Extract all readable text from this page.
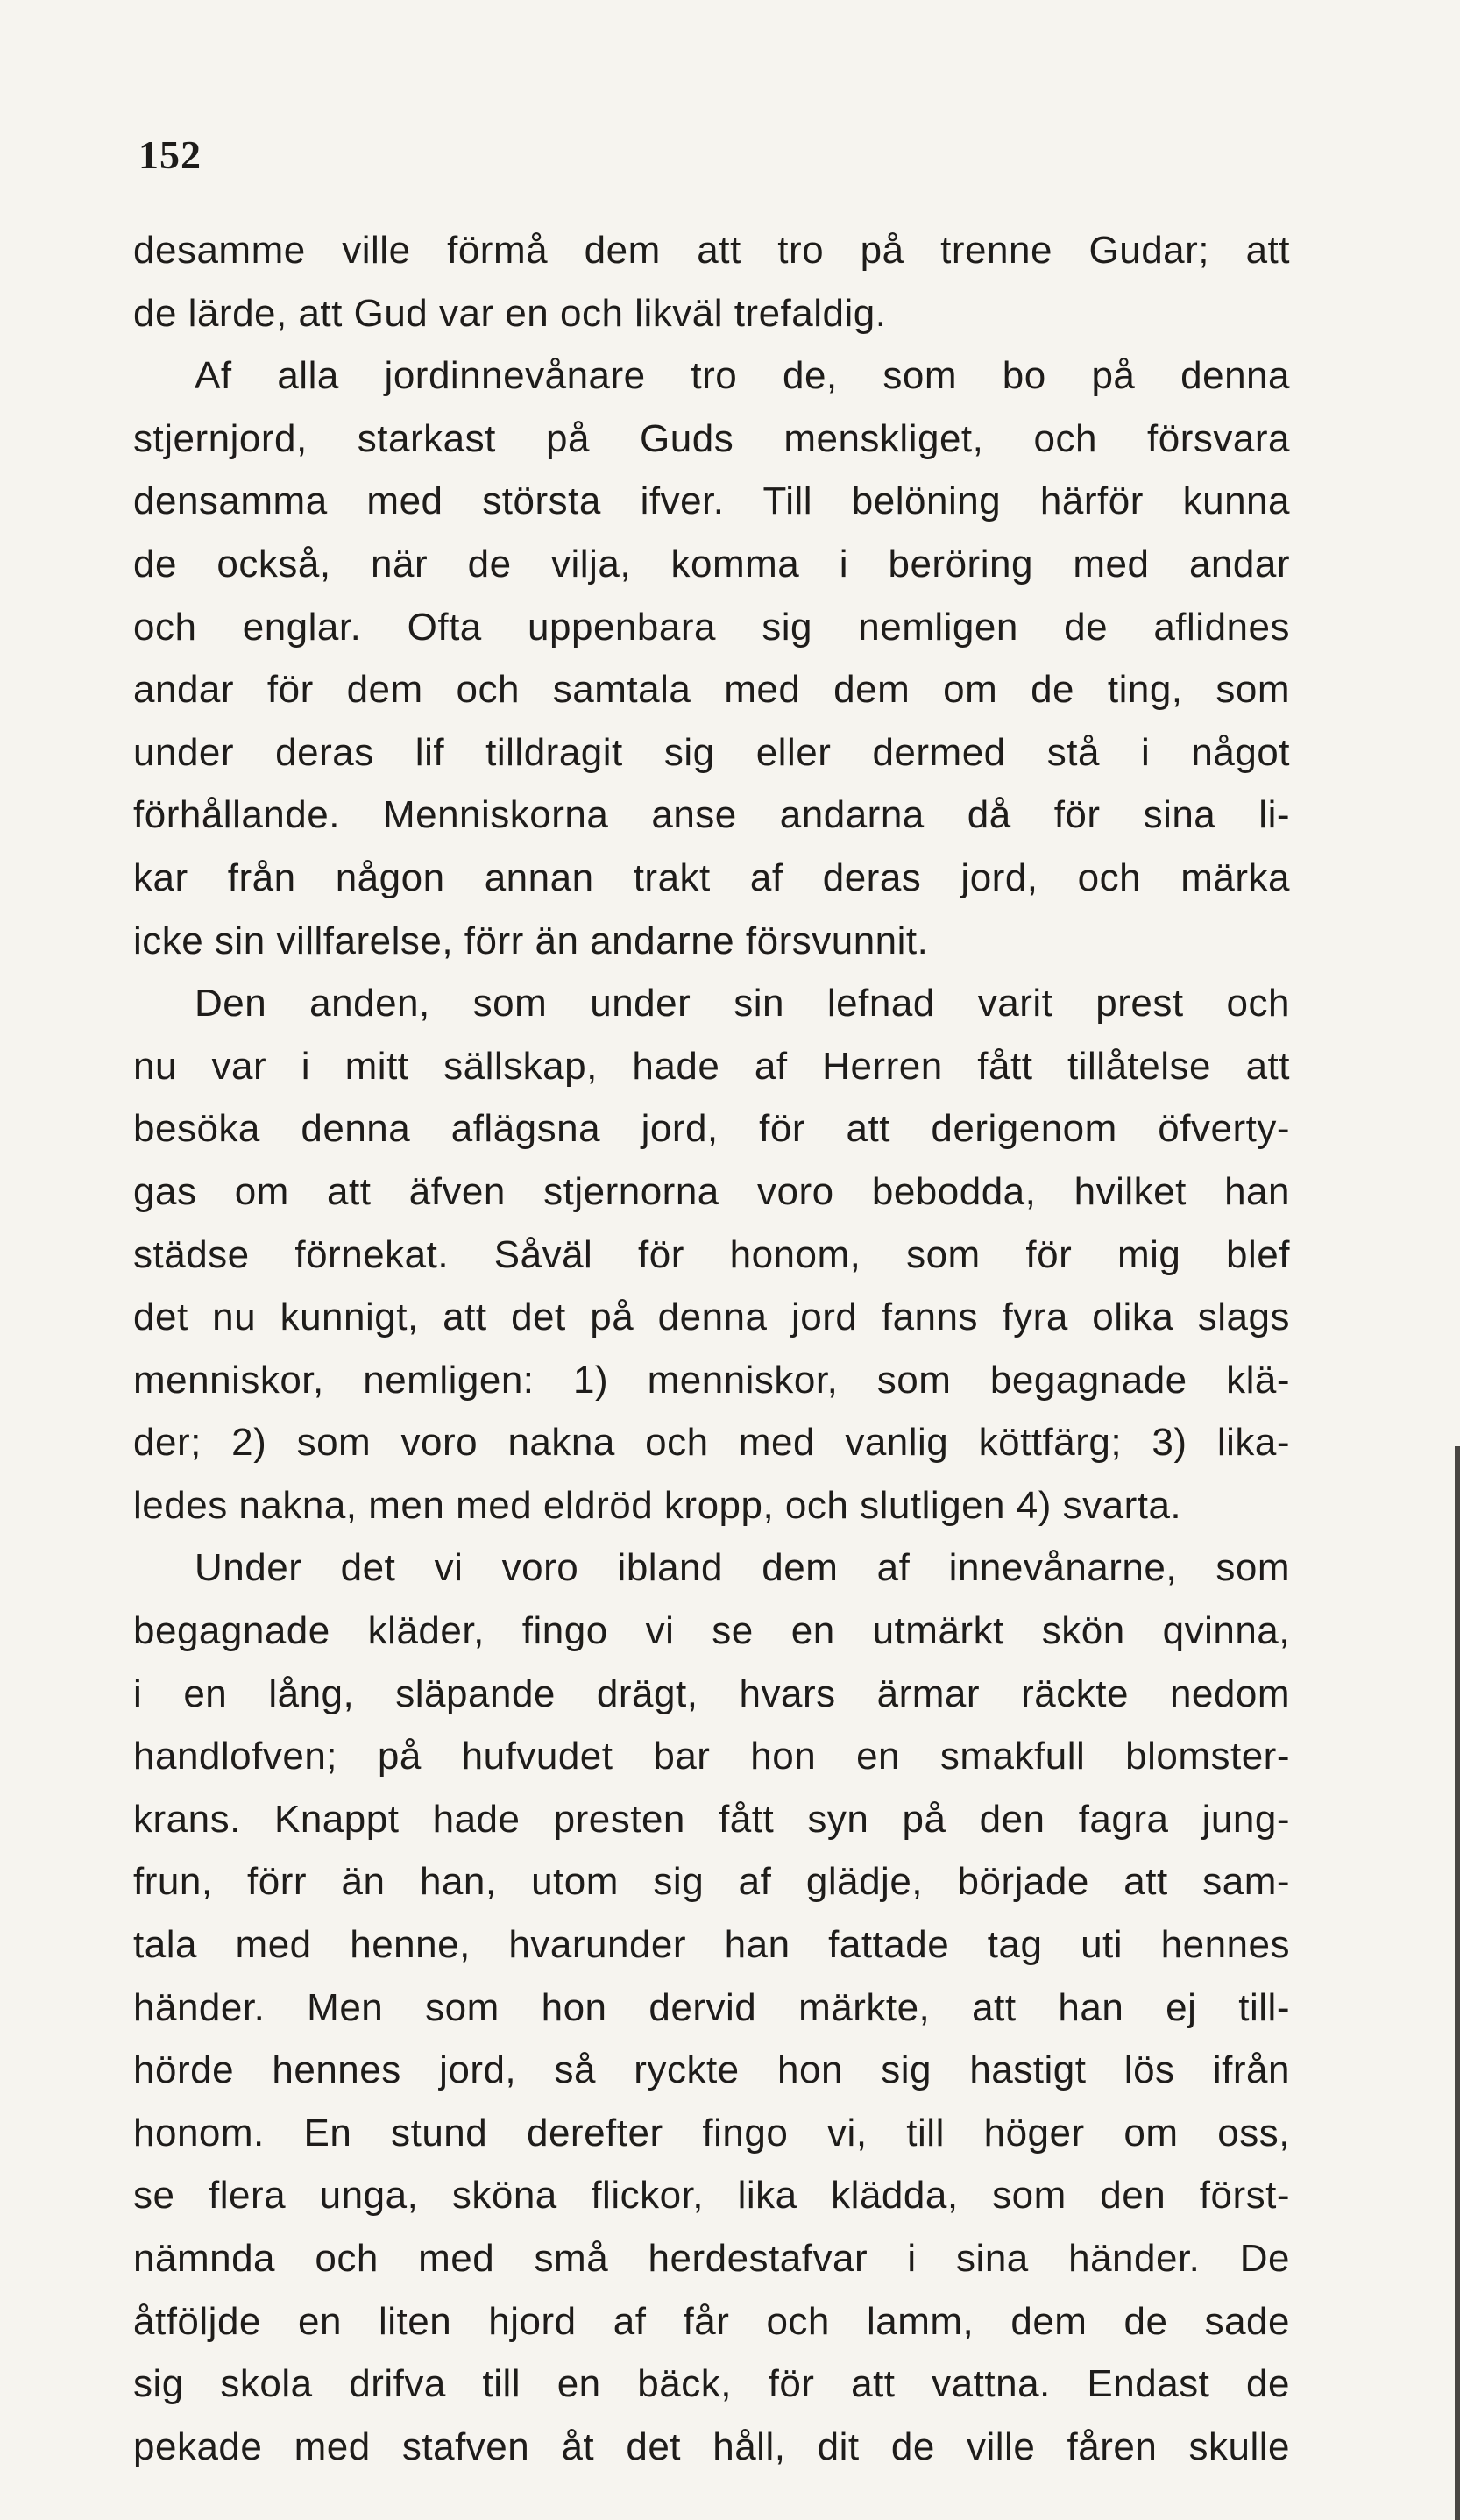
152
desamme ville förmå dem att tro på trenne Gudar; att
de lärde, att Gud var en och likväl trefaldig.
Af alla jordinnevånare tro de, som bo på denna
stjernjord, starkast på Guds menskliget, och försvara
densamma med största ifver. Till belöning härför kunna
de också, när de vilja, komma i beröring med andar
och englar. Ofta uppenbara sig nemligen de aflidnes
andar för dem och samtala med dem om de ting, som
under deras lif tilldragit sig eller dermed stå i något
förhållande. Menniskorna anse andarna då för sina li-
kar från någon annan trakt af deras jord, och märka
icke sin villfarelse, förr än andarne försvunnit.
Den anden, som under sin lefnad varit prest och
nu var i mitt sällskap, hade af Herren fått tillåtelse att
besöka denna aflägsna jord, för att derigenom öfverty-
gas om att äfven stjernorna voro bebodda, hvilket han
städse förnekat. Såväl för honom, som för mig blef
det nu kunnigt, att det på denna jord fanns fyra olika slags
menniskor, nemligen: 1) menniskor, som begagnade klä-
der; 2) som voro nakna och med vanlig köttfärg; 3) lika-
ledes nakna, men med eldröd kropp, och slutligen 4) svarta.
Under det vi voro ibland dem af innevånarne, som
begagnade kläder, fingo vi se en utmärkt skön qvinna,
i en lång, släpande drägt, hvars ärmar räckte nedom
handlofven; på hufvudet bar hon en smakfull blomster-
krans. Knappt hade presten fått syn på den fagra jung-
frun, förr än han, utom sig af glädje, började att sam-
tala med henne, hvarunder han fattade tag uti hennes
händer. Men som hon dervid märkte, att han ej till-
hörde hennes jord, så ryckte hon sig hastigt lös ifrån
honom. En stund derefter fingo vi, till höger om oss,
se flera unga, sköna flickor, lika klädda, som den först-
nämnda och med små herdestafvar i sina händer. De
åtföljde en liten hjord af får och lamm, dem de sade
sig skola drifva till en bäck, för att vattna. Endast de
pekade med stafven åt det håll, dit de ville fåren skulle
